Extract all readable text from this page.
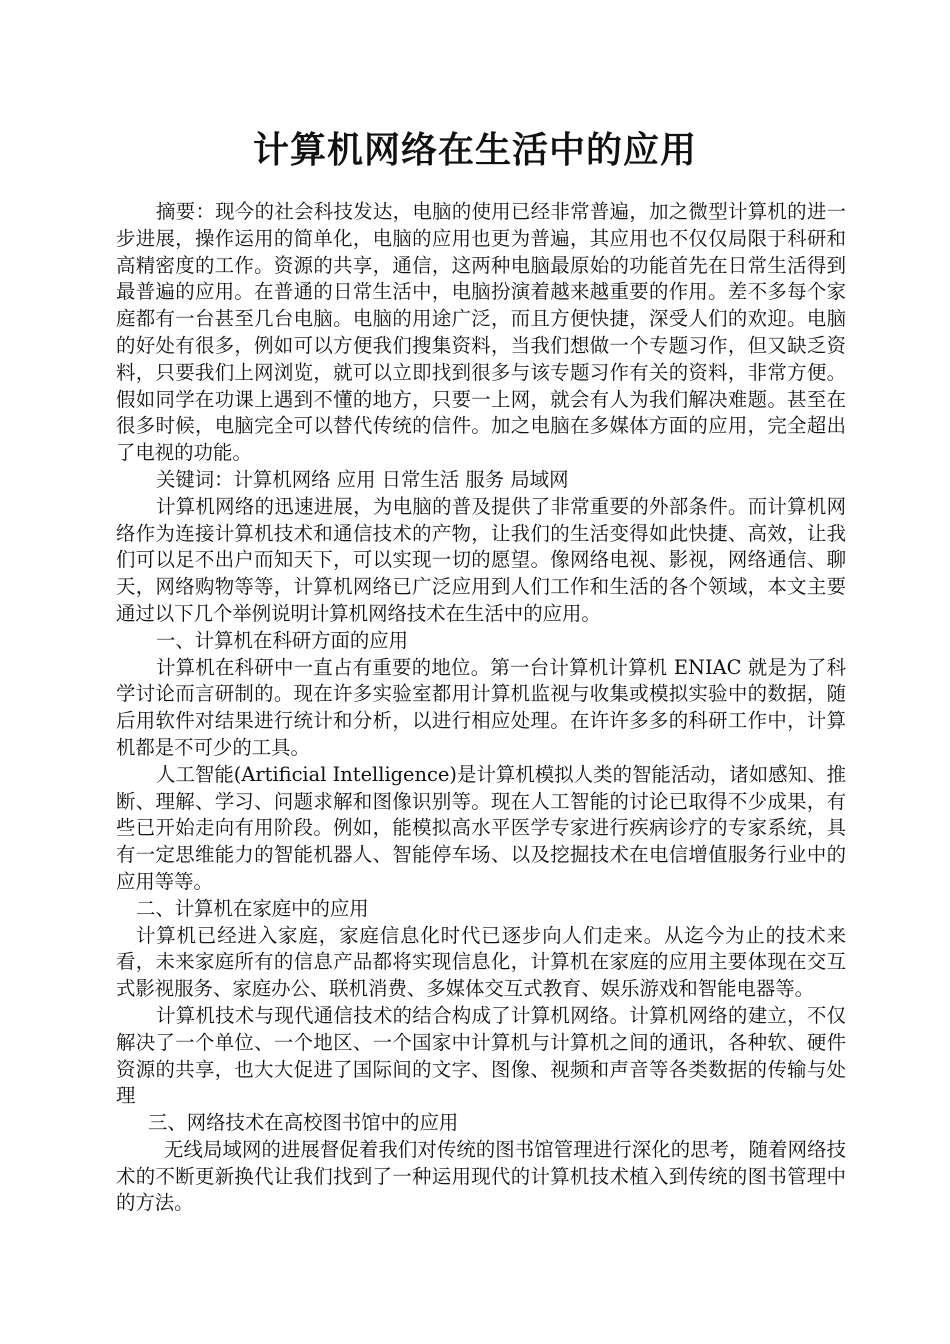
计算机网络在生活中的应用

摘要：现今的社会科技发达，电脑的使用已经非常普遍，加之微型计算机的进一步进展，操作运用的简单化，电脑的应用也更为普遍，其应用也不仅仅局限于科研和高精密度的工作。资源的共享，通信，这两种电脑最原始的功能首先在日常生活得到最普遍的应用。在普通的日常生活中，电脑扮演着越来越重要的作用。差不多每个家庭都有一台甚至几台电脑。电脑的用途广泛，而且方便快捷，深受人们的欢迎。电脑的好处有很多，例如可以方便我们搜集资料，当我们想做一个专题习作，但又缺乏资料，只要我们上网浏览，就可以立即找到很多与该专题习作有关的资料，非常方便。假如同学在功课上遇到不懂的地方，只要一上网，就会有人为我们解决难题。甚至在很多时候，电脑完全可以替代传统的信件。加之电脑在多媒体方面的应用，完全超出了电视的功能。

关键词：计算机网络 应用 日常生活 服务 局域网

计算机网络的迅速进展，为电脑的普及提供了非常重要的外部条件。而计算机网络作为连接计算机技术和通信技术的产物，让我们的生活变得如此快捷、高效，让我们可以足不出户而知天下，可以实现一切的愿望。像网络电视、影视，网络通信、聊天，网络购物等等，计算机网络已广泛应用到人们工作和生活的各个领域，本文主要通过以下几个举例说明计算机网络技术在生活中的应用。

一、计算机在科研方面的应用

计算机在科研中一直占有重要的地位。第一台计算机计算机 ENIAC 就是为了科学讨论而言研制的。现在许多实验室都用计算机监视与收集或模拟实验中的数据，随后用软件对结果进行统计和分析，以进行相应处理。在许许多多的科研工作中，计算机都是不可少的工具。

人工智能(Artificial Intelligence)是计算机模拟人类的智能活动，诸如感知、推断、理解、学习、问题求解和图像识别等。现在人工智能的讨论已取得不少成果，有些已开始走向有用阶段。例如，能模拟高水平医学专家进行疾病诊疗的专家系统，具有一定思维能力的智能机器人、智能停车场、以及挖掘技术在电信增值服务行业中的应用等等。

二、计算机在家庭中的应用

计算机已经进入家庭，家庭信息化时代已逐步向人们走来。从迄今为止的技术来看，未来家庭所有的信息产品都将实现信息化，计算机在家庭的应用主要体现在交互式影视服务、家庭办公、联机消费、多媒体交互式教育、娱乐游戏和智能电器等。

计算机技术与现代通信技术的结合构成了计算机网络。计算机网络的建立，不仅解决了一个单位、一个地区、一个国家中计算机与计算机之间的通讯，各种软、硬件资源的共享，也大大促进了国际间的文字、图像、视频和声音等各类数据的传输与处理

三、网络技术在高校图书馆中的应用

无线局域网的进展督促着我们对传统的图书馆管理进行深化的思考，随着网络技术的不断更新换代让我们找到了一种运用现代的计算机技术植入到传统的图书管理中的方法。
